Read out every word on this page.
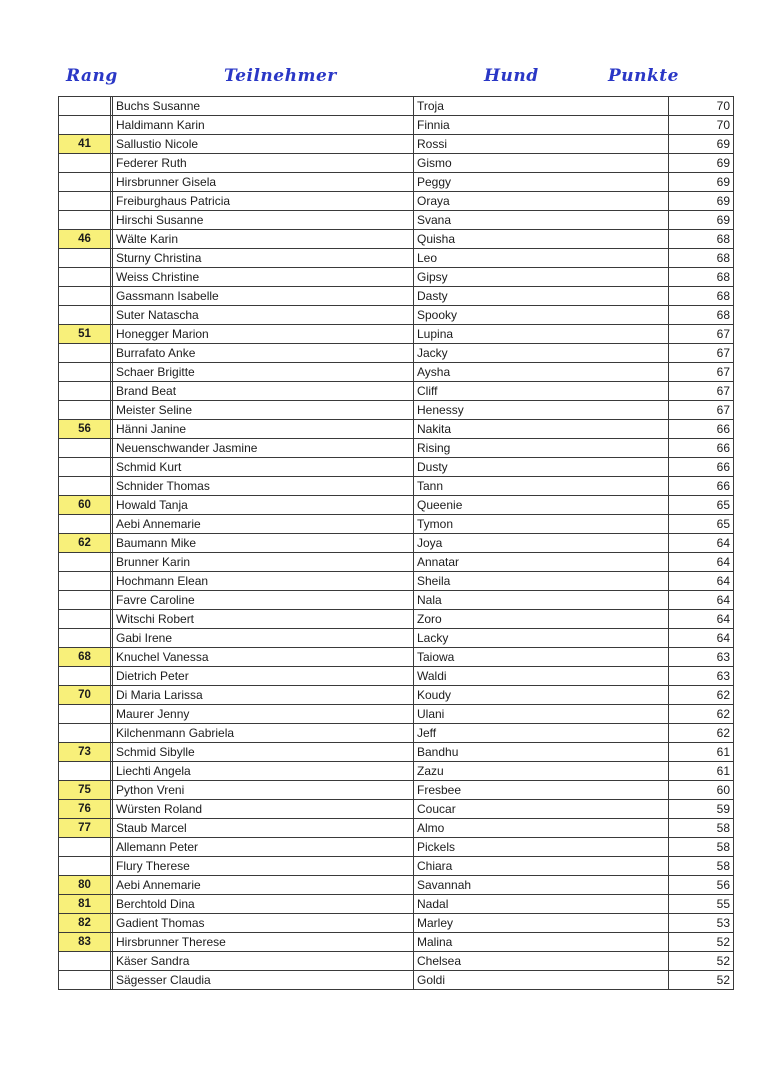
Rang	Teilnehmer	Hund	Punkte
		Buchs Susanne	Troja	70
		Haldimann Karin	Finnia	70
41		Sallustio Nicole	Rossi	69
		Federer Ruth	Gismo	69
		Hirsbrunner Gisela	Peggy	69
		Freiburghaus Patricia	Oraya	69
		Hirschi Susanne	Svana	69
46		Wälte Karin	Quisha	68
		Sturny Christina	Leo	68
		Weiss Christine	Gipsy	68
		Gassmann Isabelle	Dasty	68
		Suter Natascha	Spooky	68
51		Honegger Marion	Lupina	67
		Burrafato Anke	Jacky	67
		Schaer Brigitte	Aysha	67
		Brand Beat	Cliff	67
		Meister Seline	Henessy	67
56		Hänni Janine	Nakita	66
		Neuenschwander Jasmine	Rising	66
		Schmid Kurt	Dusty	66
		Schnider Thomas	Tann	66
60		Howald Tanja	Queenie	65
		Aebi Annemarie	Tymon	65
62		Baumann Mike	Joya	64
		Brunner Karin	Annatar	64
		Hochmann Elean	Sheila	64
		Favre Caroline	Nala	64
		Witschi Robert	Zoro	64
		Gabi Irene	Lacky	64
68		Knuchel Vanessa	Taiowa	63
		Dietrich Peter	Waldi	63
70		Di Maria Larissa	Koudy	62
		Maurer Jenny	Ulani	62
		Kilchenmann Gabriela	Jeff	62
73		Schmid Sibylle	Bandhu	61
		Liechti Angela	Zazu	61
75		Python Vreni	Fresbee	60
76		Würsten Roland	Coucar	59
77		Staub Marcel	Almo	58
		Allemann Peter	Pickels	58
		Flury Therese	Chiara	58
80		Aebi Annemarie	Savannah	56
81		Berchtold Dina	Nadal	55
82		Gadient Thomas	Marley	53
83		Hirsbrunner Therese	Malina	52
		Käser Sandra	Chelsea	52
		Sägesser Claudia	Goldi	52
